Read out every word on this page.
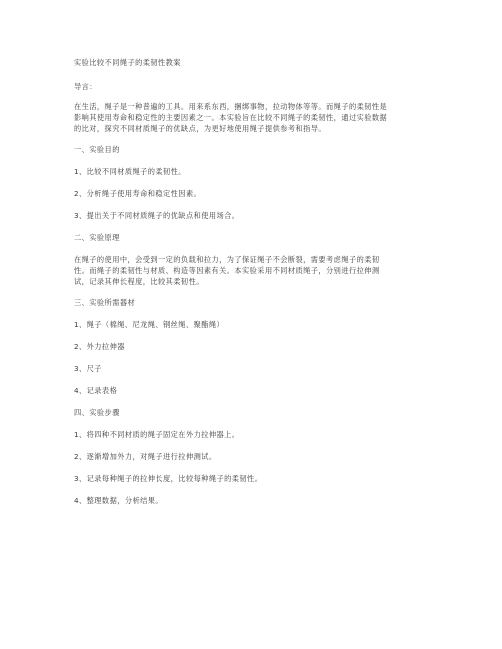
实验比较不同绳子的柔韧性教案
导言：
在生活，绳子是一种普遍的工具。用来系东西，捆绑事物，拉动物体等等。而绳子的柔韧性是
影响其使用寿命和稳定性的主要因素之一。本实验旨在比较不同绳子的柔韧性，通过实验数据
的比对，探究不同材质绳子的优缺点，为更好地使用绳子提供参考和指导。
一、实验目的
1、比较不同材质绳子的柔韧性。
2、分析绳子使用寿命和稳定性因素。
3、提出关于不同材质绳子的优缺点和使用场合。
二、实验原理
在绳子的使用中，会受到一定的负载和拉力，为了保证绳子不会断裂，需要考虑绳子的柔韧
性。而绳子的柔韧性与材质、构造等因素有关。本实验采用不同材质绳子，分别进行拉伸测
试，记录其伸长程度，比较其柔韧性。
三、实验所需器材
1、绳子（棉绳、尼龙绳、钢丝绳、聚酯绳）
2、外力拉伸器
3、尺子
4、记录表格
四、实验步骤
1、将四种不同材质的绳子固定在外力拉伸器上。
2、逐渐增加外力，对绳子进行拉伸测试。
3、记录每种绳子的拉伸长度，比较每种绳子的柔韧性。
4、整理数据，分析结果。
